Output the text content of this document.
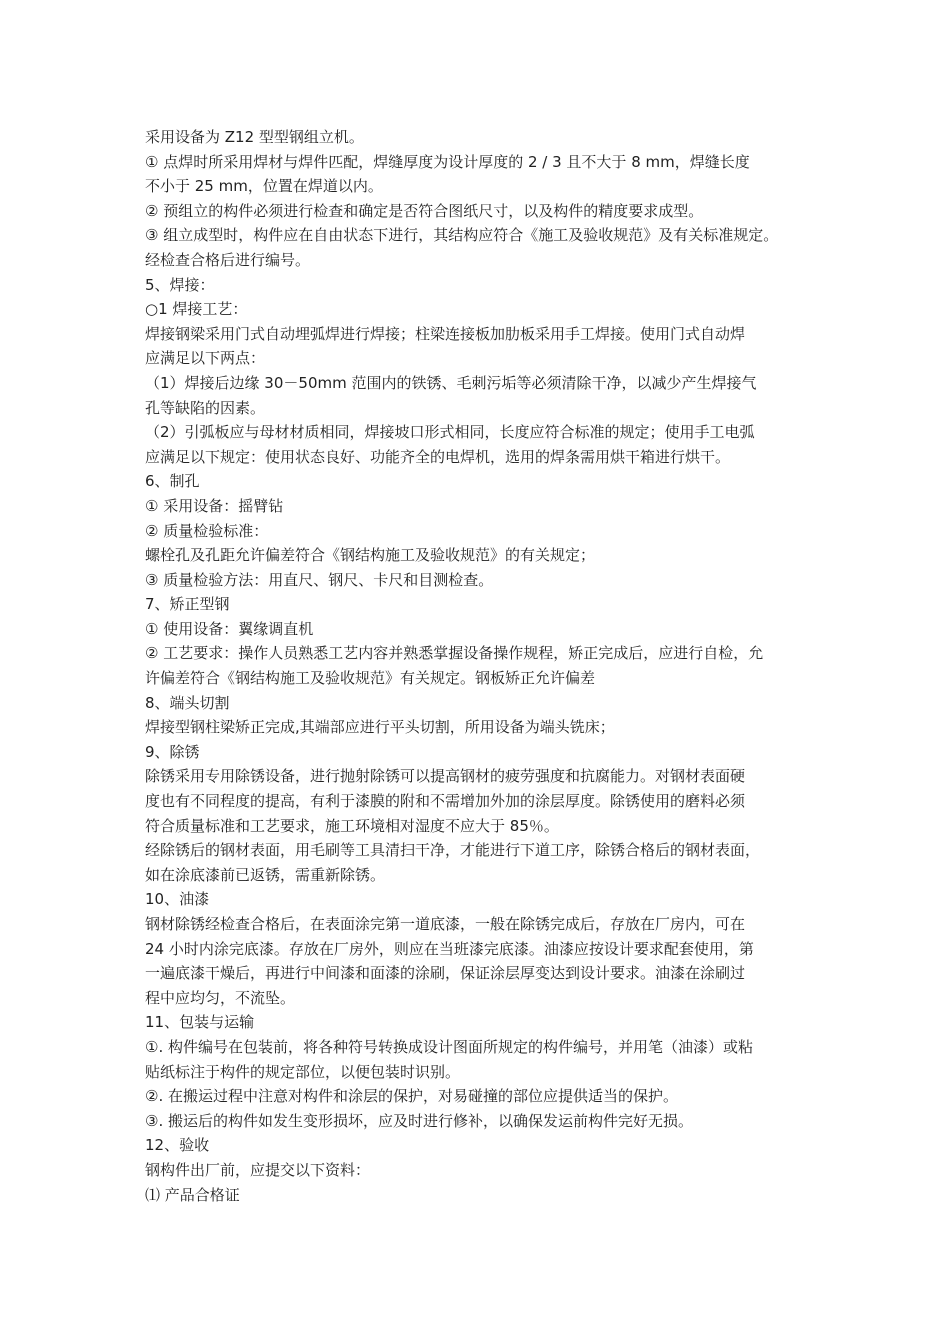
采用设备为 Z12 型型钢组立机。

① 点焊时所采用焊材与焊件匹配，焊缝厚度为设计厚度的 2 / 3 且不大于 8 mm，焊缝长度

不小于 25 mm，位置在焊道以内。

② 预组立的构件必须进行检查和确定是否符合图纸尺寸，以及构件的精度要求成型。

③ 组立成型时，构件应在自由状态下进行，其结构应符合《施工及验收规范》及有关标准规定。

经检查合格后进行编号。

5、焊接：

○1 焊接工艺：

焊接钢梁采用门式自动埋弧焊进行焊接；柱梁连接板加肋板采用手工焊接。使用门式自动焊

应满足以下两点：

（1）焊接后边缘 30－50mm 范围内的铁锈、毛刺污垢等必须清除干净，以减少产生焊接气

孔等缺陷的因素。

（2）引弧板应与母材材质相同，焊接坡口形式相同，长度应符合标准的规定；使用手工电弧

应满足以下规定：使用状态良好、功能齐全的电焊机，选用的焊条需用烘干箱进行烘干。

6、制孔

① 采用设备：摇臂钻

② 质量检验标准：

螺栓孔及孔距允许偏差符合《钢结构施工及验收规范》的有关规定；

③ 质量检验方法：用直尺、钢尺、卡尺和目测检查。

7、矫正型钢

① 使用设备：翼缘调直机

② 工艺要求：操作人员熟悉工艺内容并熟悉掌握设备操作规程，矫正完成后，应进行自检，允

许偏差符合《钢结构施工及验收规范》有关规定。钢板矫正允许偏差

8、端头切割

焊接型钢柱梁矫正完成,其端部应进行平头切割，所用设备为端头铣床；

9、除锈

除锈采用专用除锈设备，进行抛射除锈可以提高钢材的疲劳强度和抗腐能力。对钢材表面硬

度也有不同程度的提高，有利于漆膜的附和不需增加外加的涂层厚度。除锈使用的磨料必须

符合质量标准和工艺要求，施工环境相对湿度不应大于 85％。

经除锈后的钢材表面，用毛刷等工具清扫干净，才能进行下道工序，除锈合格后的钢材表面，

如在涂底漆前已返锈，需重新除锈。

10、油漆

钢材除锈经检查合格后，在表面涂完第一道底漆，一般在除锈完成后，存放在厂房内，可在

24 小时内涂完底漆。存放在厂房外，则应在当班漆完底漆。油漆应按设计要求配套使用，第

一遍底漆干燥后，再进行中间漆和面漆的涂刷，保证涂层厚变达到设计要求。油漆在涂刷过

程中应均匀，不流坠。

11、包装与运输

①. 构件编号在包装前，将各种符号转换成设计图面所规定的构件编号，并用笔（油漆）或粘

贴纸标注于构件的规定部位，以便包装时识别。

②. 在搬运过程中注意对构件和涂层的保护，对易碰撞的部位应提供适当的保护。

③. 搬运后的构件如发生变形损坏，应及时进行修补，以确保发运前构件完好无损。

12、验收

钢构件出厂前，应提交以下资料：

⑴ 产品合格证
